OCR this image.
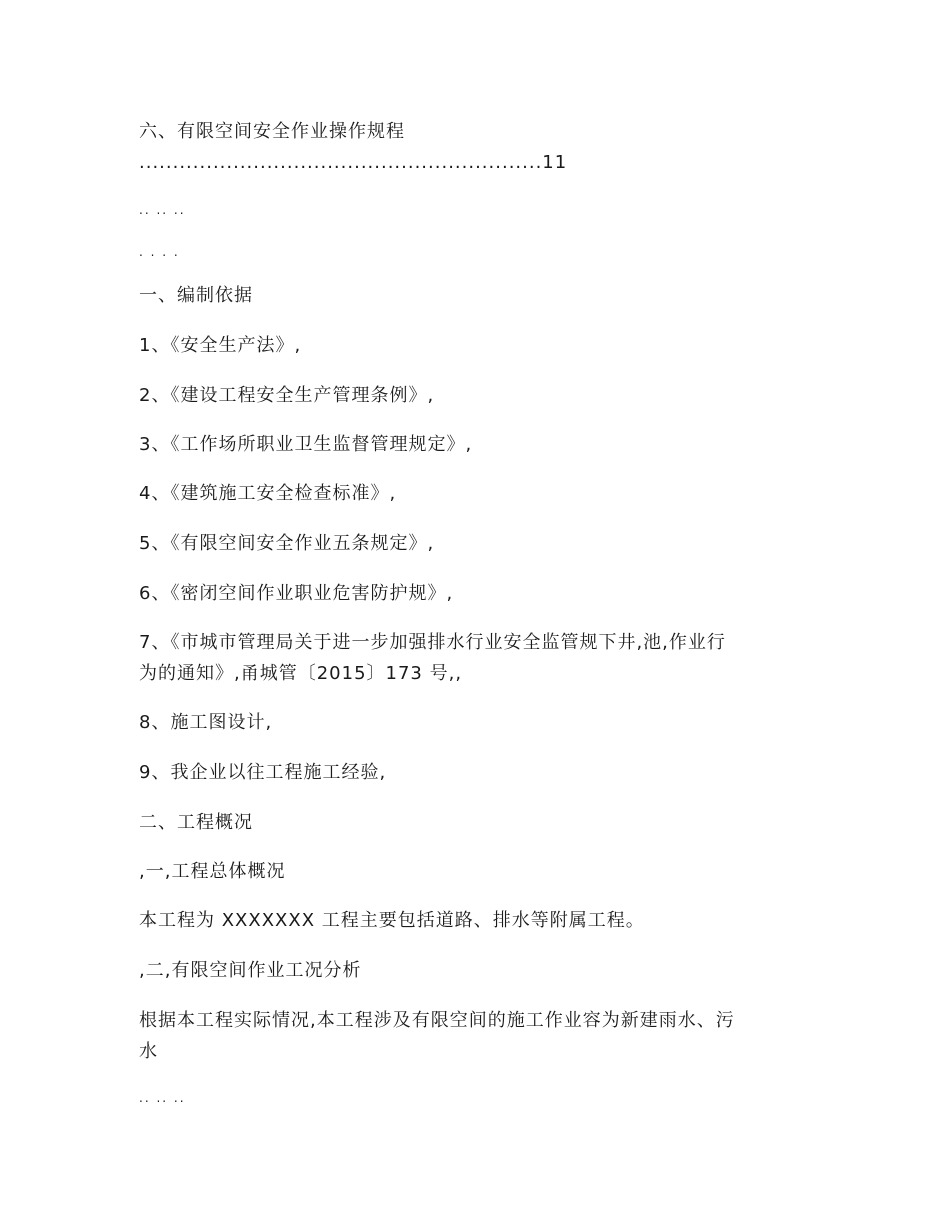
六、有限空间安全作业操作规程
............................................................11
.. .. ..
. . . .
一、编制依据
1、《安全生产法》,
2、《建设工程安全生产管理条例》,
3、《工作场所职业卫生监督管理规定》,
4、《建筑施工安全检查标准》,
5、《有限空间安全作业五条规定》,
6、《密闭空间作业职业危害防护规》,
7、《市城市管理局关于进一步加强排水行业安全监管规下井,池,作业行
为的通知》,甬城管〔2015〕173 号,,
8、施工图设计,
9、我企业以往工程施工经验,
二、工程概况
,一,工程总体概况
本工程为 XXXXXXX 工程主要包括道路、排水等附属工程。
,二,有限空间作业工况分析
根据本工程实际情况,本工程涉及有限空间的施工作业容为新建雨水、污
水
.. .. ..
